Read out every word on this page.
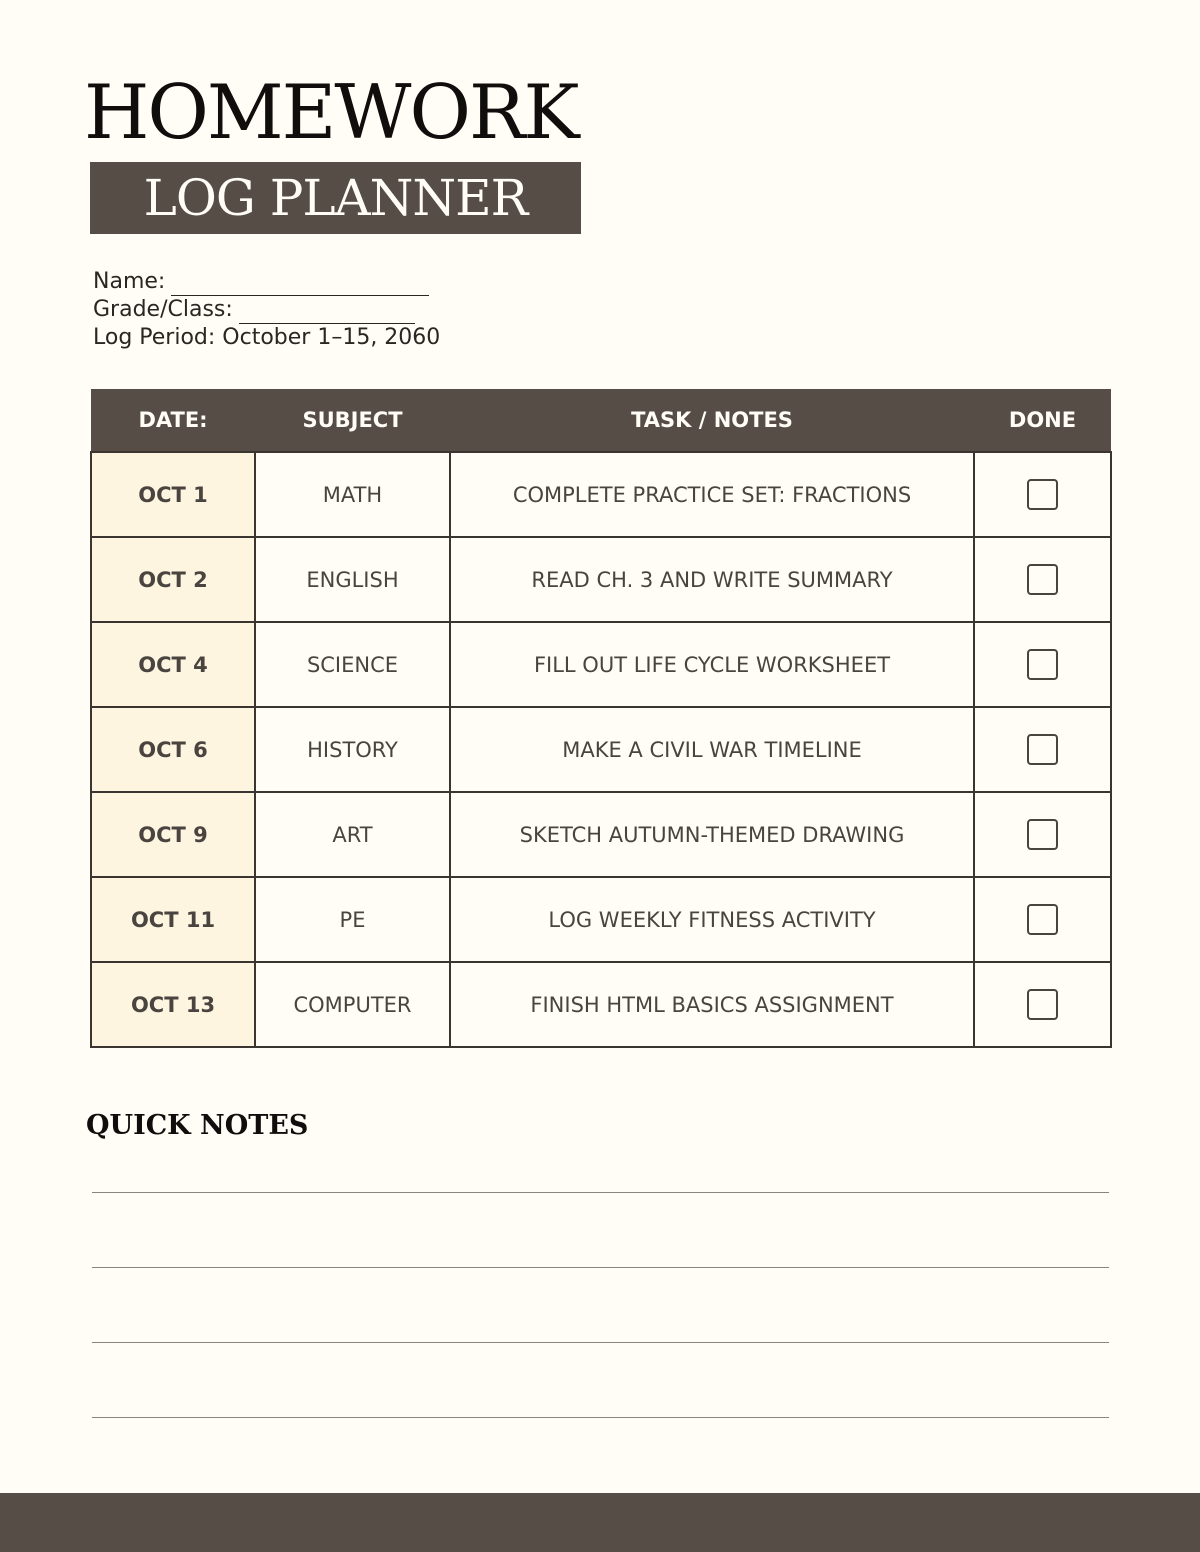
HOMEWORK
LOG PLANNER
Name:
Grade/Class:
Log Period: October 1–15, 2060
DATE:	SUBJECT	TASK / NOTES	DONE
OCT 1	MATH	COMPLETE PRACTICE SET: FRACTIONS	
OCT 2	ENGLISH	READ CH. 3 AND WRITE SUMMARY	
OCT 4	SCIENCE	FILL OUT LIFE CYCLE WORKSHEET	
OCT 6	HISTORY	MAKE A CIVIL WAR TIMELINE	
OCT 9	ART	SKETCH AUTUMN-THEMED DRAWING	
OCT 11	PE	LOG WEEKLY FITNESS ACTIVITY	
OCT 13	COMPUTER	FINISH HTML BASICS ASSIGNMENT	
QUICK NOTES
